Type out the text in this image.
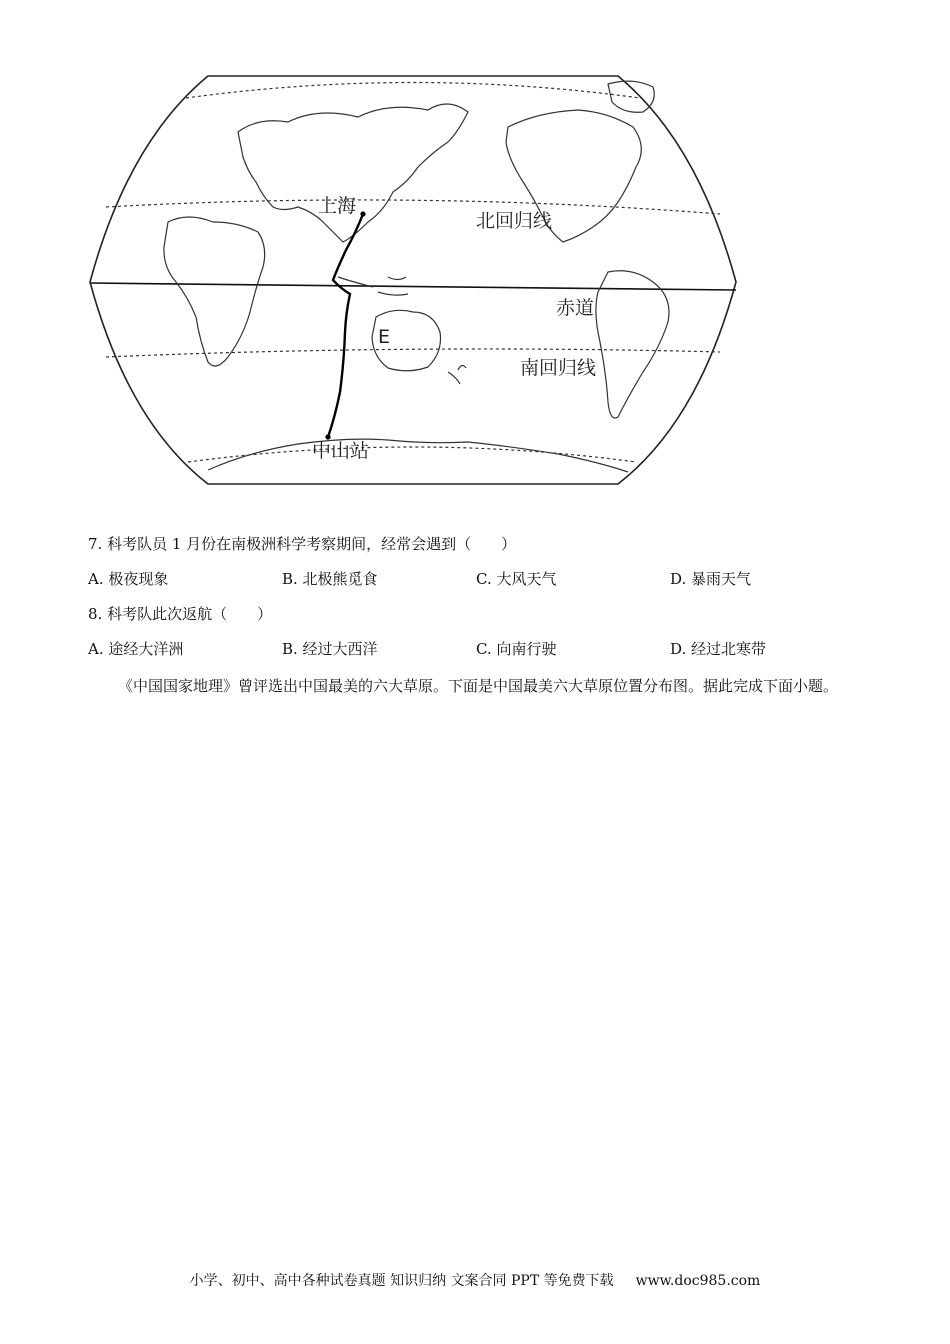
上海
北回归线
赤道
E
南回归线
中山站
7. 科考队员 1 月份在南极洲科学考察期间，经常会遇到（　　）
A. 极夜现象	B. 北极熊觅食	C. 大风天气	D. 暴雨天气
8. 科考队此次返航（　　）
A. 途经大洋洲	B. 经过大西洋	C. 向南行驶	D. 经过北寒带
《中国国家地理》曾评选出中国最美的六大草原。下面是中国最美六大草原位置分布图。据此完成下面小题。
小学、初中、高中各种试卷真题 知识归纳 文案合同 PPT 等免费下载 www.doc985.com
